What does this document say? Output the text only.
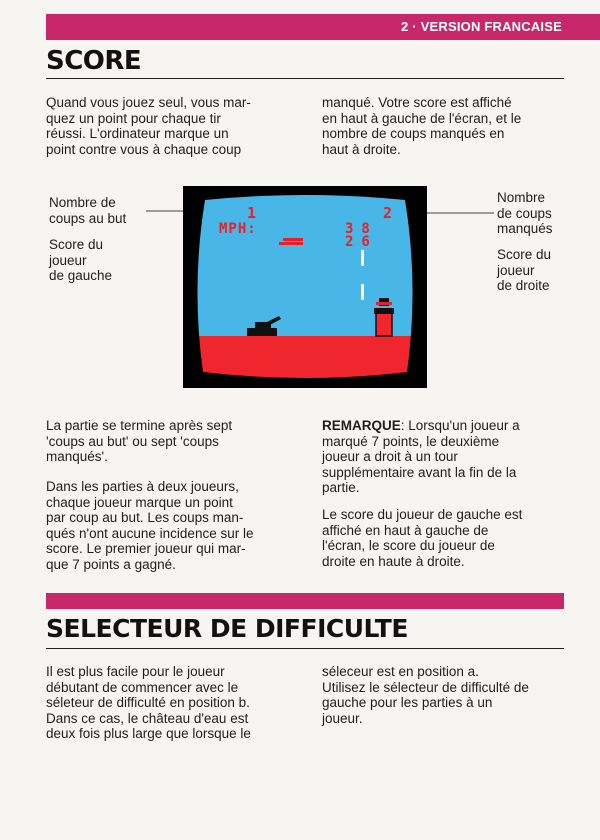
2 · VERSION FRANCAISE
SCORE
Quand vous jouez seul, vous mar-
quez un point pour chaque tir
réussi. L'ordinateur marque un
point contre vous à chaque coup
manqué. Votre score est affiché
en haut à gauche de l'écran, et le
nombre de coups manqués en
haut à droite.
Nombre de
coups au but
Score du
joueur
de gauche
Nombre
de coups
manqués
Score du
joueur
de droite
1	2
MPH:	38
26
La partie se termine après sept
'coups au but' ou sept 'coups
manqués'.
Dans les parties à deux joueurs,
chaque joueur marque un point
par coup au but. Les coups man-
qués n'ont aucune incidence sur le
score. Le premier joueur qui mar-
que 7 points a gagné.
REMARQUE: Lorsqu'un joueur a
marqué 7 points, le deuxième
joueur a droit à un tour
supplémentaire avant la fin de la
partie.
Le score du joueur de gauche est
affiché en haut à gauche de
l'écran, le score du joueur de
droite en haute à droite.
SELECTEUR DE DIFFICULTE
Il est plus facile pour le joueur
débutant de commencer avec le
séleteur de difficulté en position b.
Dans ce cas, le château d'eau est
deux fois plus large que lorsque le
séleceur est en position a.
Utilisez le sélecteur de difficulté de
gauche pour les parties à un
joueur.
